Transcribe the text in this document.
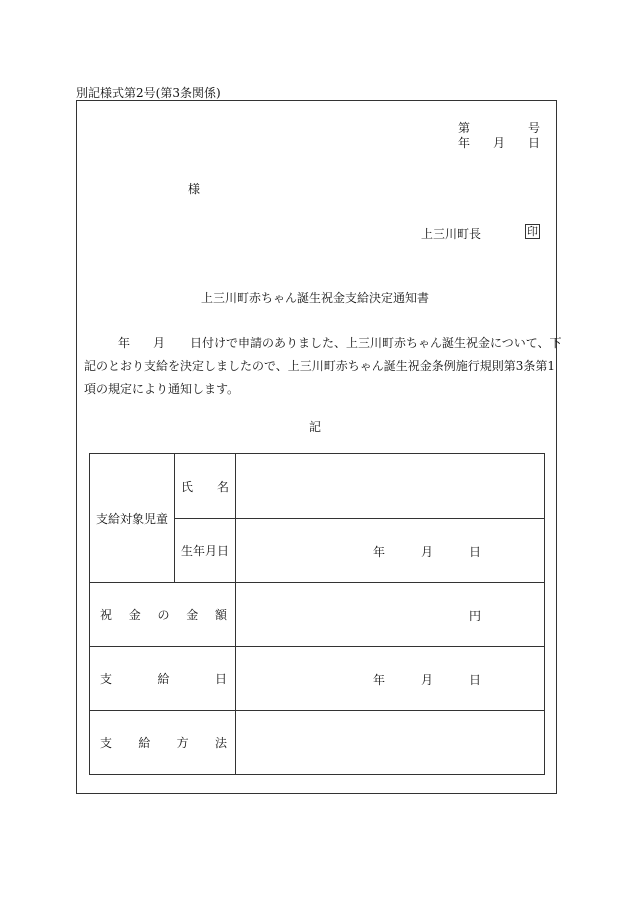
別記様式第2号(第3条関係)
第	号
年 月 日
様
上三川町長	印
上三川町赤ちゃん誕生祝金支給決定通知書
年 月 日付けで申請のありました、上三川町赤ちゃん誕生祝金について、下
記のとおり支給を決定しましたので、上三川町赤ちゃん誕生祝金条例施行規則第3条第1
項の規定により通知します。
記
支給対象児童	氏 名	

	生年月日	年 月 日

祝 金 の 金 額		円

支 給 日		年 月 日

支 給 方 法		
